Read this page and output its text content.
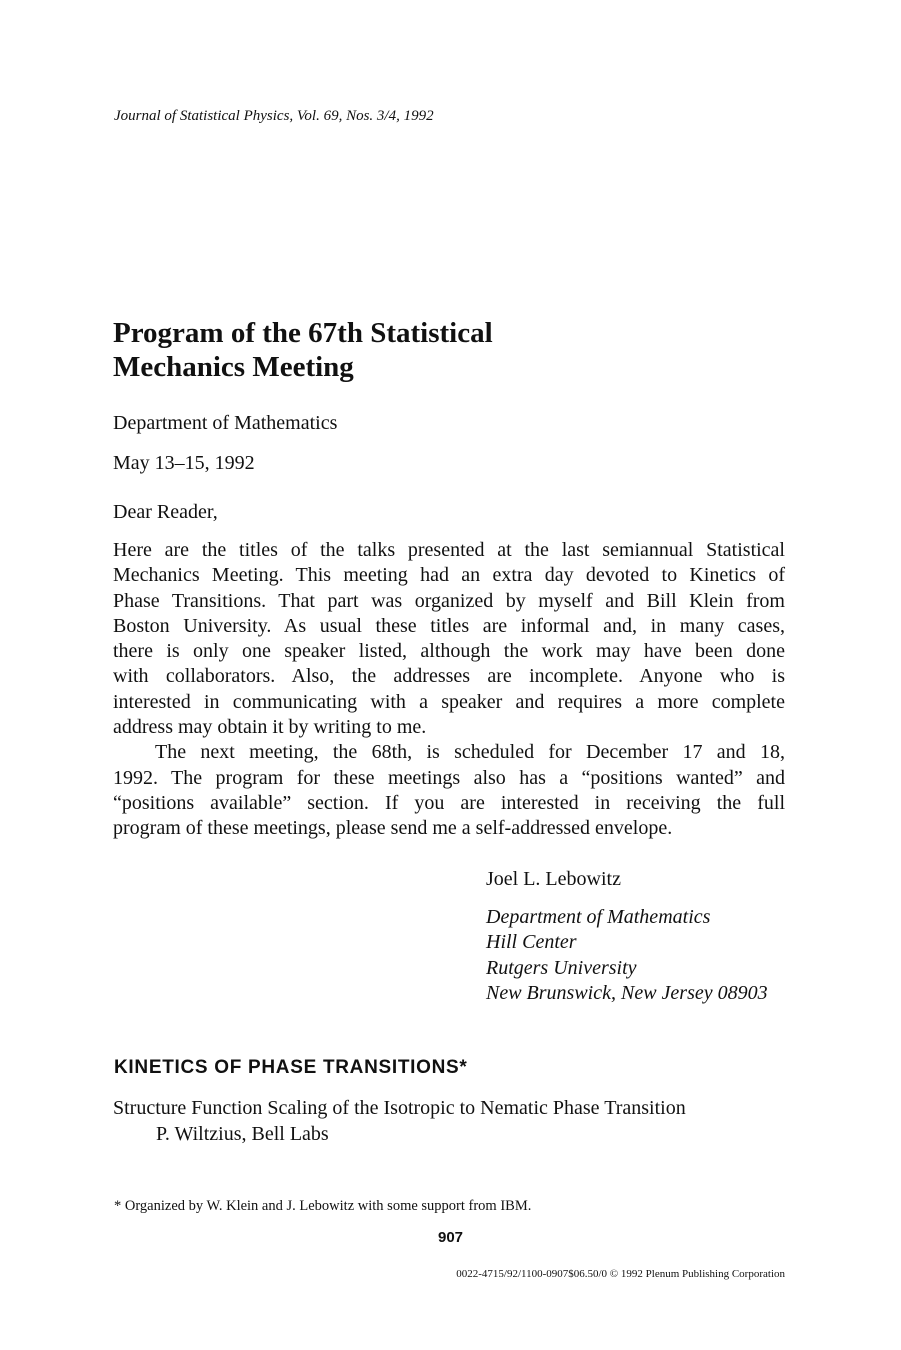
Journal of Statistical Physics, Vol. 69, Nos. 3/4, 1992
Program of the 67th Statistical
Mechanics Meeting
Department of Mathematics
May 13–15, 1992
Dear Reader,
Here are the titles of the talks presented at the last semiannual Statistical
Mechanics Meeting. This meeting had an extra day devoted to Kinetics of
Phase Transitions. That part was organized by myself and Bill Klein from
Boston University. As usual these titles are informal and, in many cases,
there is only one speaker listed, although the work may have been done
with collaborators. Also, the addresses are incomplete. Anyone who is
interested in communicating with a speaker and requires a more complete
address may obtain it by writing to me.
The next meeting, the 68th, is scheduled for December 17 and 18,
1992. The program for these meetings also has a “positions wanted” and
“positions available” section. If you are interested in receiving the full
program of these meetings, please send me a self-addressed envelope.
Joel L. Lebowitz
Department of Mathematics
Hill Center
Rutgers University
New Brunswick, New Jersey 08903
KINETICS OF PHASE TRANSITIONS*
Structure Function Scaling of the Isotropic to Nematic Phase Transition
P. Wiltzius, Bell Labs
* Organized by W. Klein and J. Lebowitz with some support from IBM.
907
0022-4715/92/1100-0907$06.50/0 © 1992 Plenum Publishing Corporation
